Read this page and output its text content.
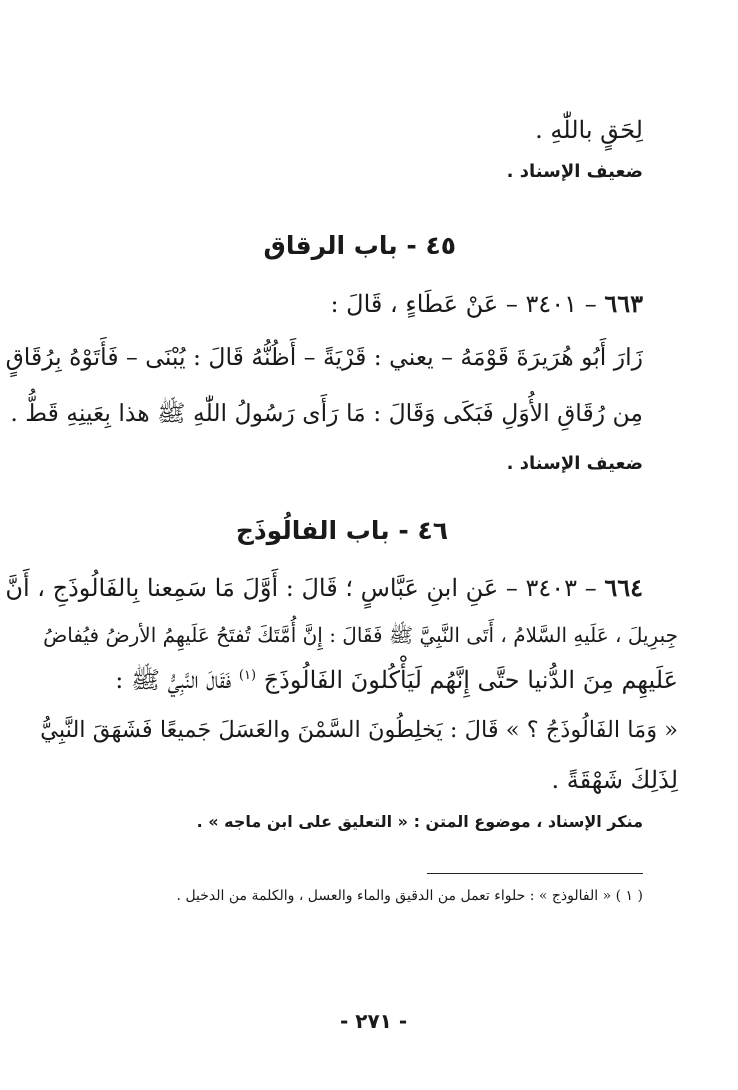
لِحَقٍ باللّٰهِ .
ضعيف الإسناد .
٤٥ - باب الرقاق
٦٦٣ – ٣٤٠١ – عَنْ عَطَاءٍ ، قَالَ :
زَارَ أَبُو هُرَيرَةَ قَوْمَهُ – يعني : قَرْيَةً – أَظُنُّهُ قَالَ : يُبْنَى – فَأَتَوْهُ بِرُقَاقٍ
مِن رُقَاقِ الأُوَلِ فَبَكَى وَقَالَ : مَا رَأَى رَسُولُ اللّٰهِ ﷺ هذا بِعَينِهِ قَطُّ .
ضعيف الإسناد .
٤٦ - باب الفالُوذَج
٦٦٤ – ٣٤٠٣ – عَنِ ابنِ عَبَّاسٍ ؛ قَالَ : أَوَّلَ مَا سَمِعنا بِالفَالُوذَجِ ، أَنَّ
جِبرِيلَ ، عَلَيهِ السَّلامُ ، أَتَى النَّبِيَّ ﷺ فَقَالَ : إِنَّ أُمَّتَكَ تُفتَحُ عَلَيهِمُ الأرضُ فيُفاضُ
عَلَيهِم مِنَ الدُّنيا حتَّى إِنَّهُم لَيَأْكُلونَ الفَالُوذَجَ $^{(١)}$ فَقَالَ النَّبِيُّ ﷺ :
« وَمَا الفَالُوذَجُ ؟ » قَالَ : يَخلِطُونَ السَّمْنَ والعَسَلَ جَميعًا فَشَهَقَ النَّبِيُّ
لِذَلِكَ شَهْقَةً .
منكر الإسناد ، موضوع المتن : « التعليق على ابن ماجه » .
( ١ ) « الفالوذج » : حلواء تعمل من الدقيق والماء والعسل ، والكلمة من الدخيل .
- ٢٧١ -
